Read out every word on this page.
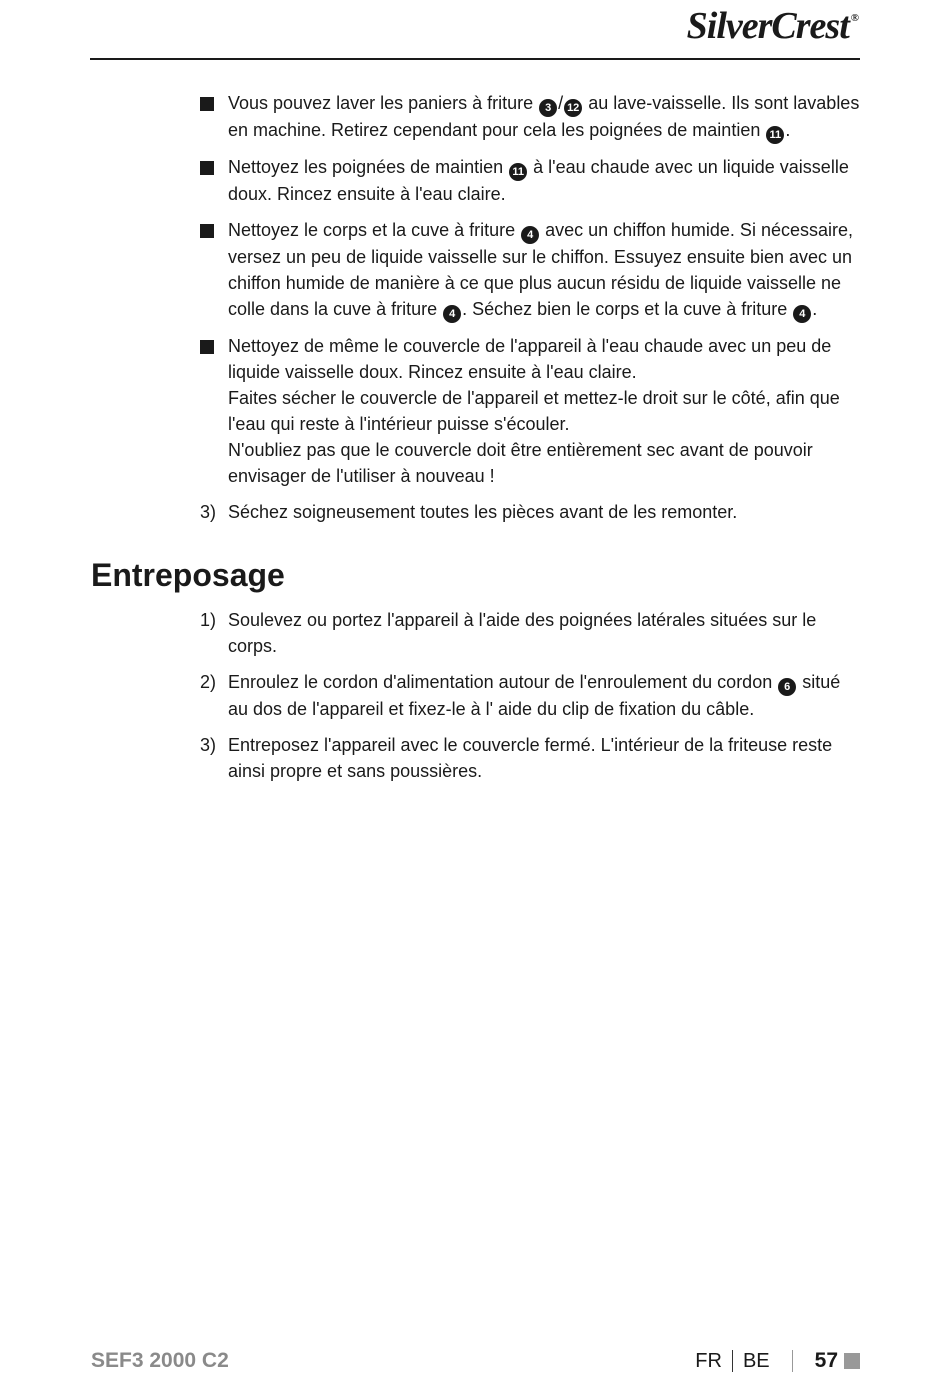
SilverCrest ®

Vous pouvez laver les paniers à friture 3 / 12 au lave-vaisselle. Ils sont lavables en machine. Retirez cependant pour cela les poignées de maintien 11 .

Nettoyez les poignées de maintien 11 à l'eau chaude avec un liquide vaisselle doux. Rincez ensuite à l'eau claire.

Nettoyez le corps et la cuve à friture 4 avec un chiffon humide. Si nécessaire, versez un peu de liquide vaisselle sur le chiffon. Essuyez ensuite bien avec un chiffon humide de manière à ce que plus aucun résidu de liquide vaisselle ne colle dans la cuve à friture 4 . Séchez bien le corps et la cuve à friture 4 .

Nettoyez de même le couvercle de l'appareil à l'eau chaude avec un peu de liquide vaisselle doux. Rincez ensuite à l'eau claire.

Faites sécher le couvercle de l'appareil et mettez-le droit sur le côté, afin que l'eau qui reste à l'intérieur puisse s'écouler.

N'oubliez pas que le couvercle doit être entièrement sec avant de pouvoir envisager de l'utiliser à nouveau !

3) Séchez soigneusement toutes les pièces avant de les remonter.

Entreposage
1) Soulevez ou portez l'appareil à l'aide des poignées latérales situées sur le corps.

2) Enroulez le cordon d'alimentation autour de l'enroulement du cordon 6 situé au dos de l'appareil et fixez-le à l' aide du clip de fixation du câble.

3) Entreposez l'appareil avec le couvercle fermé. L'intérieur de la friteuse reste ainsi propre et sans poussières.

SEF3 2000 C2	FR BE 57
